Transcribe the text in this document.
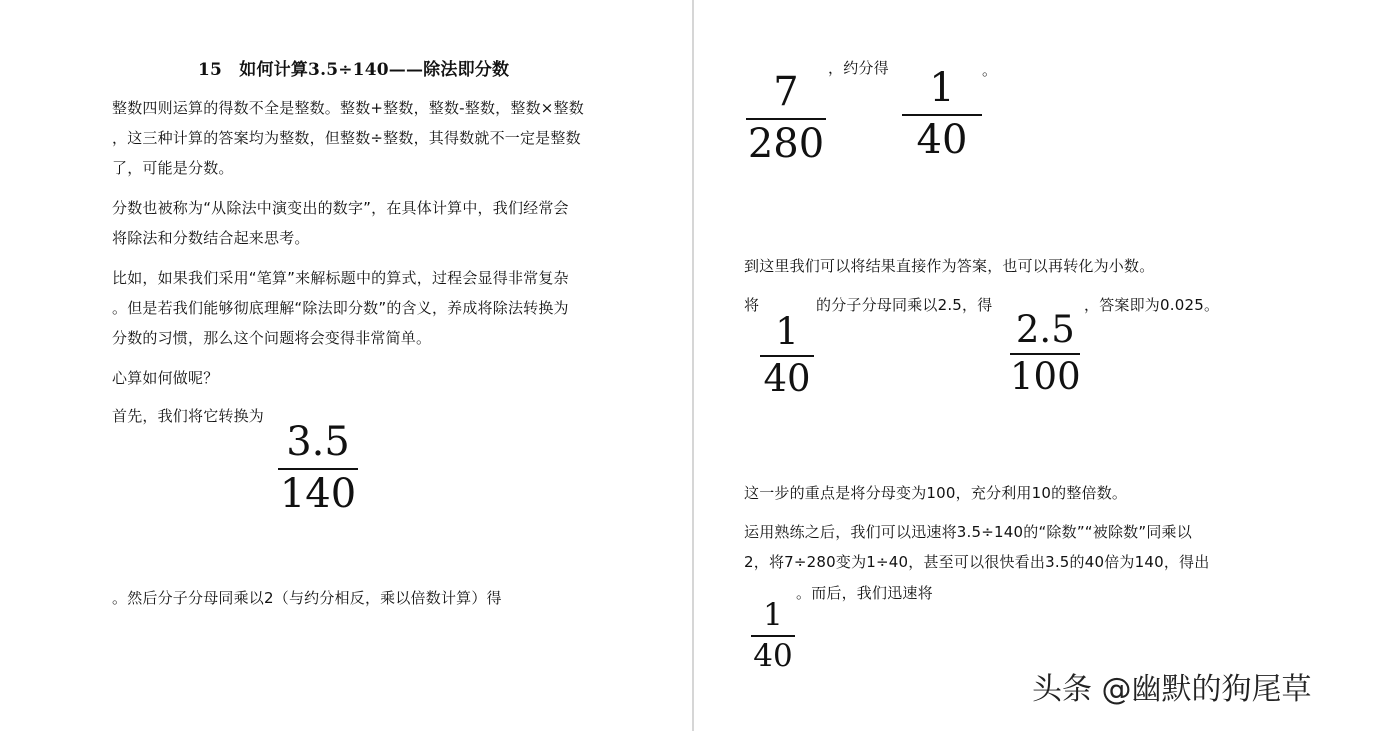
15　如何计算3.5÷140——除法即分数
整数四则运算的得数不全是整数。整数+整数，整数-整数，整数×整数
，这三种计算的答案均为整数，但整数÷整数，其得数就不一定是整数
了，可能是分数。
分数也被称为“从除法中演变出的数字”，在具体计算中，我们经常会
将除法和分数结合起来思考。
比如，如果我们采用“笔算”来解标题中的算式，过程会显得非常复杂
。但是若我们能够彻底理解“除法即分数”的含义，养成将除法转换为
分数的习惯，那么这个问题将会变得非常简单。
心算如何做呢？
首先，我们将它转换为
3.5
140
。然后分子分母同乘以2（与约分相反，乘以倍数计算）得
7
280
，约分得 1
40
。
到这里我们可以将结果直接作为答案，也可以再转化为小数。
将	的分子分母同乘以2.5，得	，答案即为0.025。
1
40
2.5
100
这一步的重点是将分母变为100，充分利用10的整倍数。
运用熟练之后，我们可以迅速将3.5÷140的“除数”“被除数”同乘以
2，将7÷280变为1÷40，甚至可以很快看出3.5的40倍为140，得出
。而后，我们迅速将
1
40
头条 @幽默的狗尾草
